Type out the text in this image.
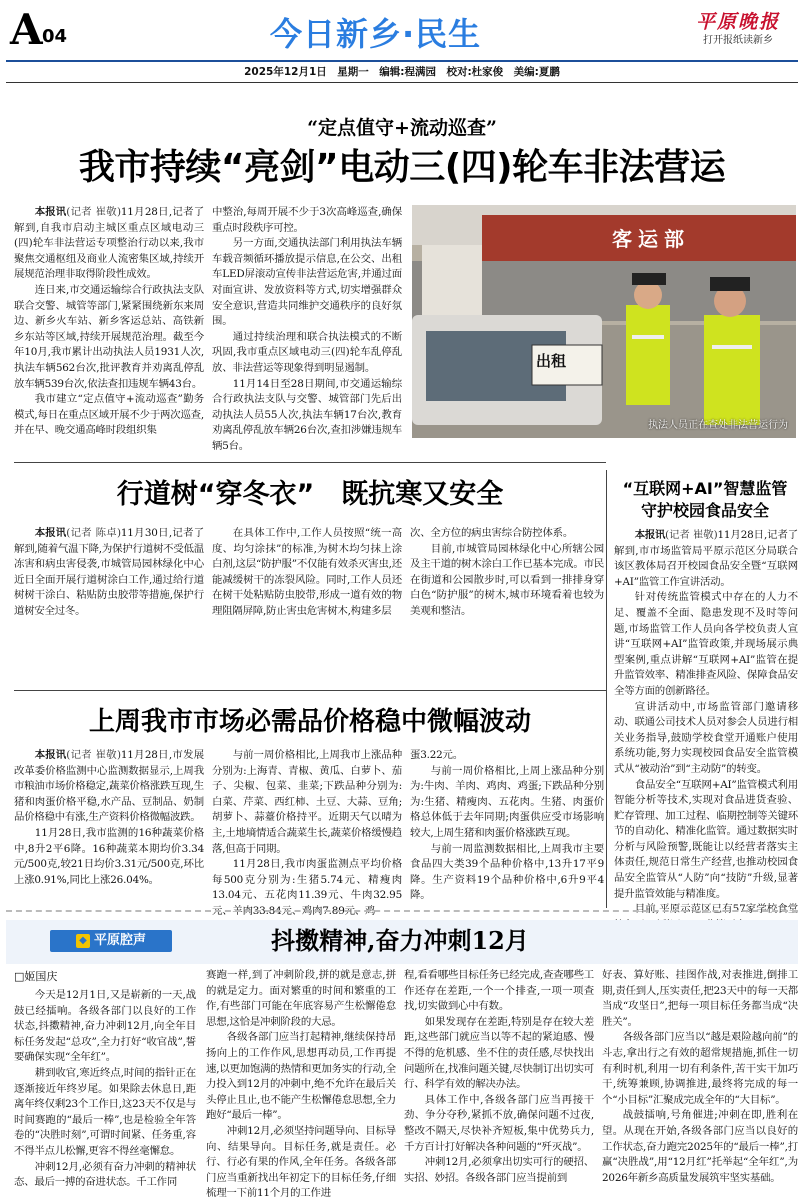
A 04	今日新乡·民生	平原晚报
打开报纸读新乡
2025年12月1日　星期一　编辑:程满园　校对:杜家俊　美编:夏鹏
“定点值守+流动巡查”
我市持续“亮剑”电动三(四)轮车非法营运

本报讯(记者 崔敬)11月28日,记者了解到,自我市启动主城区重点区域电动三(四)轮车非法营运专项整治行动以来,我市聚焦交通枢纽及商业人流密集区域,持续开展规范治理非取得阶段性成效。

连日来,市交通运输综合行政执法支队联合交警、城管等部门,紧紧围绕新东来周边、新乡火车站、新乡客运总站、高铁新乡东站等区域,持续开展规范治理。截至今年10月,我市累计出动执法人员1931人次,执法车辆562台次,批评教育并劝离乱停乱放车辆539台次,依法查扣违规车辆43台。

我市建立“定点值守+流动巡查”勤务模式,每日在重点区域开展不少于两次巡查,并在早、晚交通高峰时段组织集

中整治,每周开展不少于3次高峰巡查,确保重点时段秩序可控。

另一方面,交通执法部门利用执法车辆车载音频循环播放提示信息,在公交、出租车LED屏滚动宣传非法营运危害,并通过面对面宣讲、发放资料等方式,切实增强群众安全意识,营造共同维护交通秩序的良好氛围。

通过持续治理和联合执法模式的不断巩固,我市重点区域电动三(四)轮车乱停乱放、非法营运等现象得到明显遏制。

11月14日至28日期间,市交通运输综合行政执法支队与交警、城管部门先后出动执法人员55人次,执法车辆17台次,教育劝离乱停乱放车辆26台次,查扣涉嫌违规车辆5台。

客运部
出租
执法人员正在查处非法营运行为
行道树“穿冬衣”　既抗寒又安全

本报讯(记者 陈卓)11月30日,记者了解到,随着气温下降,为保护行道树不受低温冻害和病虫害侵袭,市城管局园林绿化中心近日全面开展行道树涂白工作,通过给行道树树干涂白、粘贴防虫胶带等措施,保护行道树安全过冬。

在具体工作中,工作人员按照“统一高度、均匀涂抹”的标准,为树木均匀抹上涂白剂,这层“防护服”不仅能有效杀灭害虫,还能减缓树干的冻裂风险。同时,工作人员还在树干处粘贴防虫胶带,形成一道有效的物理阻隔屏障,防止害虫危害树木,构建多层

次、全方位的病虫害综合防控体系。

目前,市城管局园林绿化中心所辖公园及主干道的树木涂白工作已基本完成。市民在街道和公园散步时,可以看到一排排身穿白色“防护服”的树木,城市环境看着也较为美观和整洁。

上周我市市场必需品价格稳中微幅波动

本报讯(记者 崔敬)11月28日,市发展改革委价格监测中心监测数据显示,上周我市粮油市场价格稳定,蔬菜价格涨跌互现,生猪和肉蛋价格平稳,水产品、豆制品、奶制品价格稳中有涨,生产资料价格微幅波跌。

11月28日,我市监测的16种蔬菜价格中,8升2平6降。16种蔬菜本期均价3.34元/500克,较21日均价3.31元/500克,环比上涨0.91%,同比上涨26.04%。

与前一周价格相比,上周我市上涨品种分别为:上海青、青椒、黄瓜、白萝卜、茄子、尖椒、包菜、韭菜;下跌品种分别为:白菜、芹菜、西红柿、土豆、大蒜、豆角;胡萝卜、蒜薹价格持平。近期天气以晴为主,土地墒情适合蔬菜生长,蔬菜价格缓慢趋落,但高于同期。

11月28日,我市肉蛋监测点平均价格每500克分别为:生猪5.74元、精瘦肉13.04元、五花肉11.39元、牛肉32.95元、羊肉33.84元、鸡肉7.89元、鸡

蛋3.22元。

与前一周价格相比,上周上涨品种分别为:牛肉、羊肉、鸡肉、鸡蛋;下跌品种分别为:生猪、精瘦肉、五花肉。生猪、肉蛋价格总体低于去年同期;肉蛋供应受市场影响较大,上周生猪和肉蛋价格涨跌互现。

与前一周监测数据相比,上周我市主要食品四大类39个品种价格中,13升17平9降。生产资料19个品种价格中,6升9平4降。

“互联网+AI”智慧监管
守护校园食品安全

本报讯(记者 崔敬)11月28日,记者了解到,市市场监管局平原示范区分局联合该区教体局召开校园食品安全暨“互联网+AI”监管工作宣讲活动。

针对传统监管模式中存在的人力不足、覆盖不全面、隐患发现不及时等问题,市场监管工作人员向各学校负责人宣讲“互联网+AI”监管政策,并现场展示典型案例,重点讲解“互联网+AI”监管在提升监管效率、精准排查风险、保障食品安全等方面的创新路径。

宣讲活动中,市场监管部门邀请移动、联通公司技术人员对参会人员进行相关业务指导,鼓励学校食堂开通账户使用系统功能,努力实现校园食品安全监管模式从“被动治”到“主动防”的转变。

食品安全“互联网+AI”监管模式利用智能分析等技术,实现对食品进货查验、贮存管理、加工过程、临期控制等关键环节的自动化、精准化监管。通过数据实时分析与风险预警,既能让以经营者落实主体责任,规范日常生产经营,也推动校园食品安全监管从“人防”向“技防”升级,显著提升监管效能与精准度。

目前,平原示范区已有57家学校食堂

◆ 平原腔声	抖擞精神,奋力冲刺12月
□姬国庆

今天是12月1日,又是崭新的一天,战鼓已经擂响。各级各部门以良好的工作状态,抖擞精神,奋力冲刺12月,向全年目标任务发起“总攻”,全力打好“收官战”,誓要确保实现“全年红”。

耕到收官,寒近终点,时间的指针正在逐渐接近年终岁尾。如果除去休息日,距离年终仅剩23个工作日,这23天不仅是与时间赛跑的“最后一棒”,也是检验全年答卷的“决胜时刻”,可谓时间紧、任务重,容不得半点儿松懈,更容不得丝毫懈怠。

冲刺12月,必须有奋力冲刺的精神状态、最后一搏的奋进状态。千工作同

赛跑一样,到了冲刺阶段,拼的就是意志,拼的就是定力。面对繁重的时间和繁重的工作,有些部门可能在年底容易产生松懈倦怠思想,这恰是冲刺阶段的大忌。

各级各部门应当打起精神,继续保持昂扬向上的工作作风,思想再动员,工作再提速,以更加饱满的热情和更加务实的行动,全力投入到12月的冲刺中,绝不允许在最后关头停止且止,也不能产生松懈倦怠思想,全力跑好“最后一棒”。

冲刺12月,必须坚持问题导向、目标导向、结果导向。目标任务,就是责任。必行、行必有果的作风,全年任务。各级各部门应当重新找出年初定下的目标任务,仔细梳理一下前11个月的工作进

程,看看哪些目标任务已经完成,查查哪些工作还存在差距,一个一个排查,一项一项查找,切实做到心中有数。

如果发现存在差距,特别是存在较大差距,这些部门就应当以等不起的紧迫感、慢不得的危机感、坐不住的责任感,尽快找出问题所在,找准问题关键,尽快制订出切实可行、科学有效的解决办法。

具体工作中,各级各部门应当再接干劲、争分夺秒,紧抓不放,确保问题不过夜,整改不隔天,尽快补齐短板,集中优势兵力,千方百计打好解决各种问题的“歼灭战”。

冲刺12月,必须拿出切实可行的硬招、实招、妙招。各级各部门应当提前到

好表、算好账、挂图作战,对表推进,倒排工期,责任到人,压实责任,把23天中的每一天都当成“攻坚日”,把每一项目标任务都当成“决胜关”。

各级各部门应当以“越是艰险越向前”的斗志,拿出行之有效的超常规措施,抓住一切有利时机,利用一切有利条件,苦干实干加巧干,统筹兼顾,协调推进,最终将完成的每一个“小目标”汇聚成完成全年的“大目标”。

战鼓擂响,号角催进;冲刺在即,胜利在望。从现在开始,各级各部门应当以良好的工作状态,奋力跑完2025年的“最后一棒”,打赢“决胜战”,用“12月红”托举起“全年红”,为2026年新乡高质量发展筑牢坚实基础。
